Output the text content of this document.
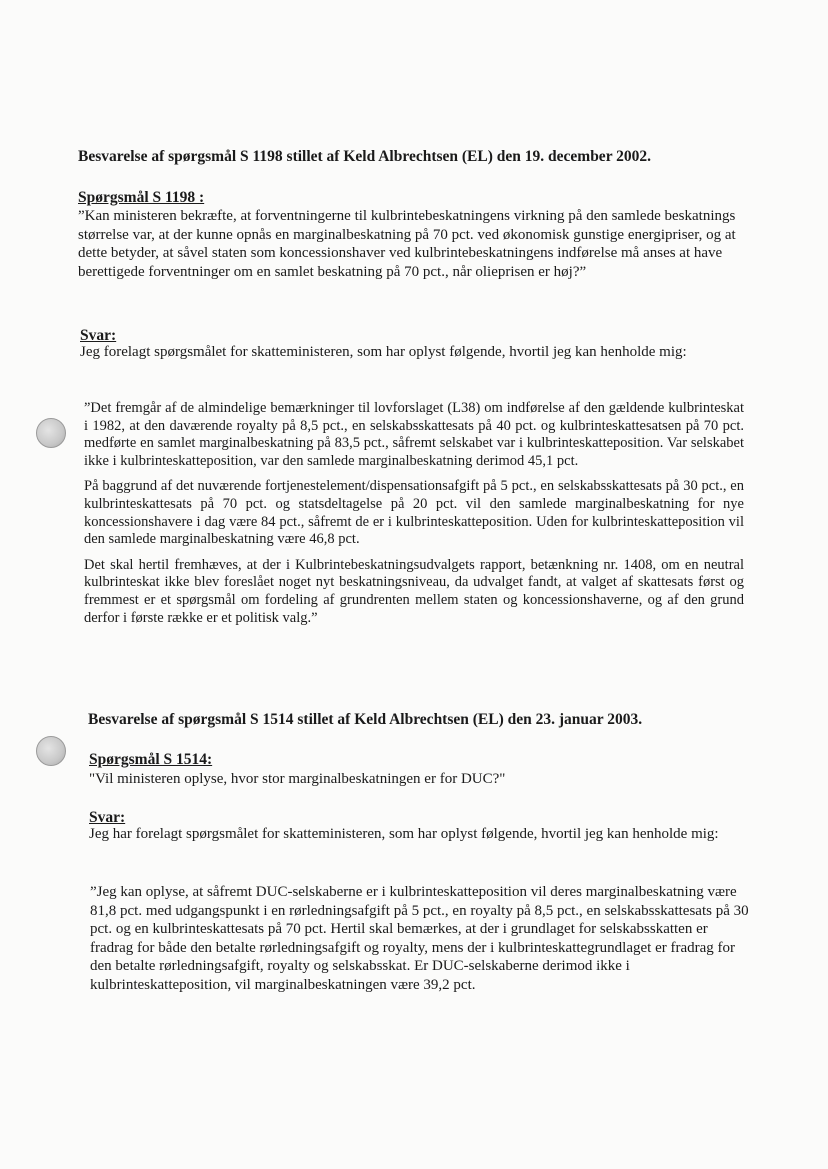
Besvarelse af spørgsmål S 1198 stillet af Keld Albrechtsen (EL) den 19. december 2002.
Spørgsmål S 1198 :
”Kan ministeren bekræfte, at forventningerne til kulbrintebeskatningens virkning på den samlede beskatnings størrelse var, at der kunne opnås en marginalbeskatning på 70 pct. ved økonomisk gunstige energipriser, og at dette betyder, at såvel staten som koncessionshaver ved kulbrintebeskatningens indførelse må anses at have berettigede forventninger om en samlet beskatning på 70 pct., når olieprisen er høj?”
Svar:
Jeg forelagt spørgsmålet for skatteministeren, som har oplyst følgende, hvortil jeg kan henholde mig:

”Det fremgår af de almindelige bemærkninger til lovforslaget (L38) om indførelse af den gældende kulbrinteskat i 1982, at den daværende royalty på 8,5 pct., en selskabsskattesats på 40 pct. og kulbrinteskattesatsen på 70 pct. medførte en samlet marginalbeskatning på 83,5 pct., såfremt selskabet var i kulbrinteskatteposition. Var selskabet ikke i kulbrinteskatteposition, var den samlede marginalbeskatning derimod 45,1 pct.

På baggrund af det nuværende fortjenestelement/dispensationsafgift på 5 pct., en selskabsskattesats på 30 pct., en kulbrinteskattesats på 70 pct. og statsdeltagelse på 20 pct. vil den samlede marginalbeskatning for nye koncessionshavere i dag være 84 pct., såfremt de er i kulbrinteskatteposition. Uden for kulbrinteskatteposition vil den samlede marginalbeskatning være 46,8 pct.

Det skal hertil fremhæves, at der i Kulbrintebeskatningsudvalgets rapport, betænkning nr. 1408, om en neutral kulbrinteskat ikke blev foreslået noget nyt beskatningsniveau, da udvalget fandt, at valget af skattesats først og fremmest er et spørgsmål om fordeling af grundrenten mellem staten og koncessionshaverne, og af den grund derfor i første række er et politisk valg.”

Besvarelse af spørgsmål S 1514 stillet af Keld Albrechtsen (EL) den 23. januar 2003.
Spørgsmål S 1514:
"Vil ministeren oplyse, hvor stor marginalbeskatningen er for DUC?"
Svar:
Jeg har forelagt spørgsmålet for skatteministeren, som har oplyst følgende, hvortil jeg kan henholde mig:

”Jeg kan oplyse, at såfremt DUC-selskaberne er i kulbrinteskatteposition vil deres marginalbeskatning være 81,8 pct. med udgangspunkt i en rørledningsafgift på 5 pct., en royalty på 8,5 pct., en selskabsskattesats på 30 pct. og en kulbrinteskattesats på 70 pct. Hertil skal bemærkes, at der i grundlaget for selskabsskatten er fradrag for både den betalte rørledningsafgift og royalty, mens der i kulbrinteskattegrundlaget er fradrag for den betalte rørledningsafgift, royalty og selskabsskat. Er DUC-selskaberne derimod ikke i kulbrinteskatteposition, vil marginalbeskatningen være 39,2 pct.
